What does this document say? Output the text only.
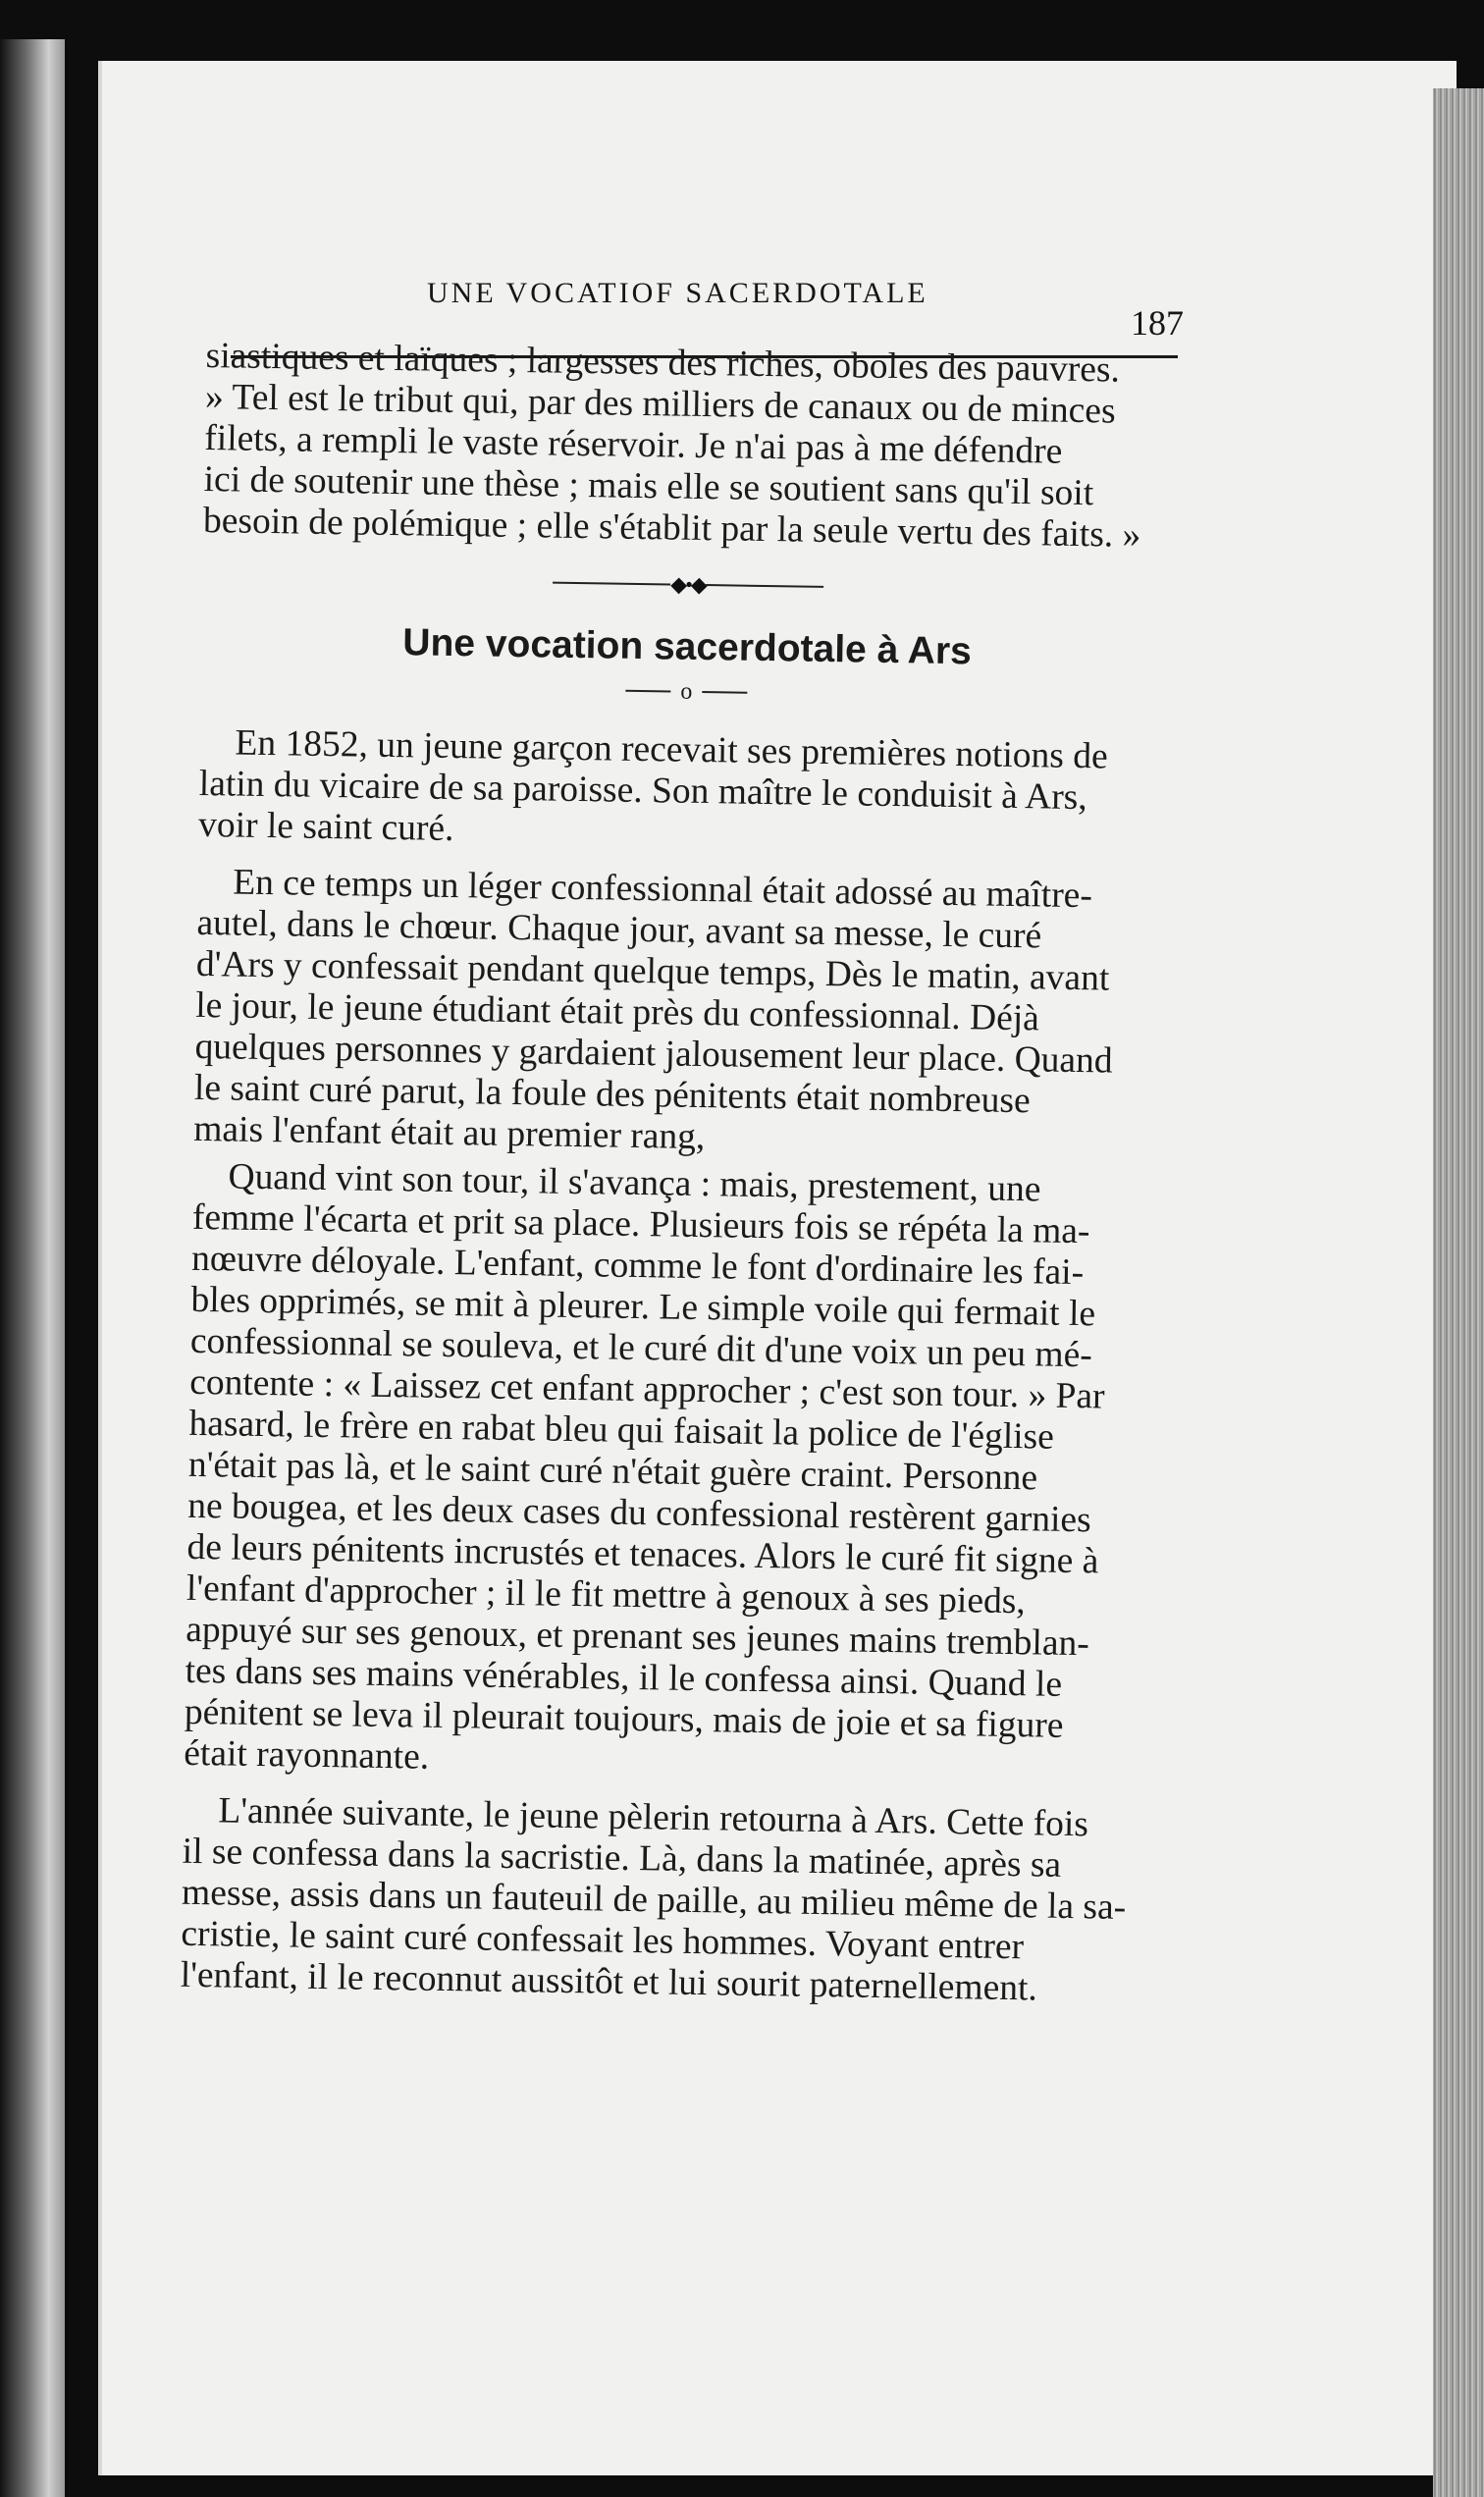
UNE VOCATIOF SACERDOTALE
187

siastiques et laïques ; largesses des riches, oboles des pauvres.

» Tel est le tribut qui, par des milliers de canaux ou de minces

filets, a rempli le vaste réservoir. Je n'ai pas à me défendre

ici de soutenir une thèse ; mais elle se soutient sans qu'il soit

besoin de polémique ; elle s'établit par la seule vertu des faits. »

◆•◆
Une vocation sacerdotale à Ars
o

En 1852, un jeune garçon recevait ses premières notions de

latin du vicaire de sa paroisse. Son maître le conduisit à Ars,

voir le saint curé.

En ce temps un léger confessionnal était adossé au maître-

autel, dans le chœur. Chaque jour, avant sa messe, le curé

d'Ars y confessait pendant quelque temps, Dès le matin, avant

le jour, le jeune étudiant était près du confessionnal. Déjà

quelques personnes y gardaient jalousement leur place. Quand

le saint curé parut, la foule des pénitents était nombreuse

mais l'enfant était au premier rang,

Quand vint son tour, il s'avança : mais, prestement, une

femme l'écarta et prit sa place. Plusieurs fois se répéta la ma-

nœuvre déloyale. L'enfant, comme le font d'ordinaire les fai-

bles opprimés, se mit à pleurer. Le simple voile qui fermait le

confessionnal se souleva, et le curé dit d'une voix un peu mé-

contente : « Laissez cet enfant approcher ; c'est son tour. » Par

hasard, le frère en rabat bleu qui faisait la police de l'église

n'était pas là, et le saint curé n'était guère craint. Personne

ne bougea, et les deux cases du confessional restèrent garnies

de leurs pénitents incrustés et tenaces. Alors le curé fit signe à

l'enfant d'approcher ; il le fit mettre à genoux à ses pieds,

appuyé sur ses genoux, et prenant ses jeunes mains tremblan-

tes dans ses mains vénérables, il le confessa ainsi. Quand le

pénitent se leva il pleurait toujours, mais de joie et sa figure

était rayonnante.

L'année suivante, le jeune pèlerin retourna à Ars. Cette fois

il se confessa dans la sacristie. Là, dans la matinée, après sa

messe, assis dans un fauteuil de paille, au milieu même de la sa-

cristie, le saint curé confessait les hommes. Voyant entrer

l'enfant, il le reconnut aussitôt et lui sourit paternellement.
